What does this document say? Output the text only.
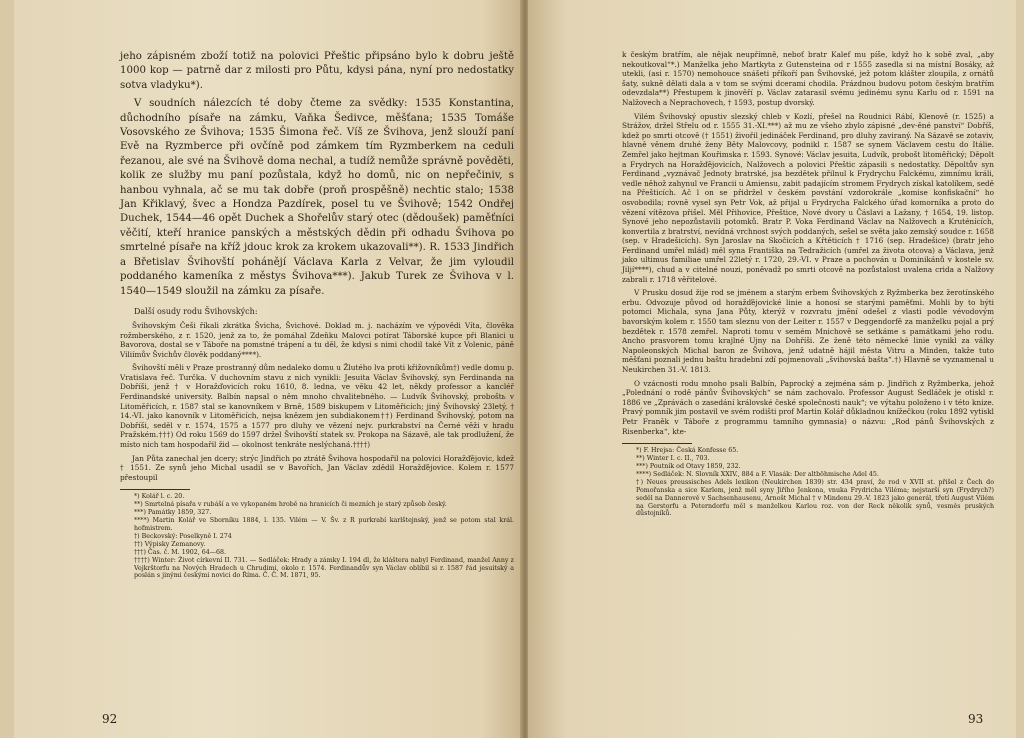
jeho zápisném zboží totiž na polovici Přeštic připsáno bylo k dobru ještě 1000 kop — patrně dar z milosti pro Půtu, kdysi pána, nyní pro nedostatky sotva vladyku*).

V soudních nálezcích té doby čteme za svědky: 1535 Konstantina, důchodního písaře na zámku, Vaňka Šedivce, měšťana; 1535 Tomáše Vosovského ze Švihova; 1535 Šimona řeč. Víš ze Švihova, jenž slouží paní Evě na Ryzmberce při ovčíně pod zámkem tím Ryzmberkem na ceduli řezanou, ale své na Švihově doma nechal, a tudíž nemůže správně pověděti, kolik ze služby mu paní pozůstala, když ho domů, nic on nepřečiniv, s hanbou vyhnala, ač se mu tak dobře (proň prospěšně) nechtic stalo; 1538 Jan Křiklavý, švec a Hondza Pazdírek, posel tu ve Švihově; 1542 Ondřej Duchek, 1544—46 opět Duchek a Shořelův starý otec (dědoušek) paměťníci věčití, kteří hranice panských a městských dědin při odhadu Švihova po smrtelné písaře na kříž jdouc krok za krokem ukazovali**). R. 1533 Jindřich a Břetislav Švihovští pohánějí Václava Karla z Velvar, že jim vyloudil poddaného kameníka z městys Švihova***). Jakub Turek ze Švihova v l. 1540—1549 sloužil na zámku za písaře.

Další osudy rodu Švihovských:

Švihovským Češi říkali zkrátka Švicha, Švichové. Doklad m. j. nacházím ve výpovědi Víta, člověka rožmberského, z r. 1520, jenž za to, že pomáhal Zdeňku Malovci potírat Táborské kupce při Blanici u Bavorova, dostal se v Táboře na pomstné trápení a tu děl, že kdysi s nimi chodil také Vít z Volenic, páně Viliímův Švichův člověk poddaný****).

Švihovští měli v Praze prostranný dům nedaleko domu u Žlutého lva proti křižovníkům†) vedle domu p. Vratislava řeč. Turčka. V duchovním stavu z nich vynikli: Jesuita Václav Švihovský, syn Ferdinanda na Dobříši, jenž † v Horažďovicích roku 1610, 8. ledna, ve věku 42 let, někdy professor a kancléř Ferdinandské university. Balbín napsal o něm mnoho chvalitebného. — Ludvík Švihovský, proboštь v Litoměřicích, r. 1587 stal se kanovníkem v Brně, 1589 biskupem v Litoměřicích; jiný Švihovský 23letý, † 14.-VI. jako kanovník v Litoměřicích, nejsa knězem jen subdiakonem††) Ferdinand Švihovský, potom na Dobříši, seděl v r. 1574, 1575 a 1577 pro dluhy ve vězení nejv. purkrabství na Černé věži v hradu Pražském.†††) Od roku 1569 do 1597 držel Švihovští statek sv. Prokopa na Sázavě, ale tak prodlužení, že místo nich tam hospodařil žid — okolnost tenkráte neslýchaná.††††)

Jan Půta zanechal jen dcery; strýc Jindřich po ztrátě Švihova hospodařil na polovici Horažďějovic, kdež † 1551. Ze synů jeho Michal usadil se v Bavořích, Jan Václav zdědil Horažďějovice. Kolem r. 1577 přestoupil

*) Kolář l. c. 20.

**) Smrtelná písařa v rubáší a ve vykopaném hrobě na hranicích či mezních je starý způsob český.

***) Památky 1859, 327.

****) Martin Kolář ve Sborníku 1884, l. 135. Vilém — V. Šv. z R purkrabí karlštejnský, jenž se potom stal král. hofmistrem.

†) Beckovský: Poselkyně I. 274

††) Výpisky Zemanovy.

†††) Čas. č. M. 1902, 64—68.

††††) Winter: Život církevní II. 731. — Sedláček: Hrady a zámky I. 194 dl, že klášterа nabyl Ferdinand, manžel Anny z Vejkrštorfu na Nových Hradech u Chrudimi, okolo r. 1574. Ferdinandův syn Václav oblíbil si r. 1587 řád jesuitský a poslán s jinými českými novici do Říma. Č. Č. M. 1871, 95.

92

k českým bratřím, ale nějak neupřímně, neboť bratr Kalef mu píše, když ho k sobě zval, „aby nekoutkoval“*.) Manželka jeho Martkyta z Gutensteina od r 1555 zasedla si na místní Bosáky, až utekli, (asi r. 1570) nemohouce snášeti příkoří pan Švihovské, jež potom klášter zloupila, z ornátů šaty, sukně dělati dala a v tom se svými dcerami chodila. Prázdnou budovu potom českým bratřím odevzdala**) Přestupem k jinověří p. Václav zatarasil svému jedinému synu Karlu od r. 1591 na Nalžovech a Neprachovech, † 1593, postup dvorský.

Vilém Švihovský opustiv slezský chleb v Kozlí, přešel na Roudnici Rábí, Klenově (r. 1525) a Strážov, držel Střelu od r. 1555 31.-XI.***) až mu ze všeho zbylo zápisné „dev-ěné panství“ Dobříš, kdež po smrti otcově († 1551) živořil jedináček Ferdinand, pro dluhy zaviraný. Na Sázavě se zotaviv, hlavně věnem druhé ženy Běty Malovcovy, podnikl r. 1587 se synem Václavem cestu do Itálie. Zemřel jako hejtman Kouřimska r. 1593. Synové: Václav jesuita, Ludvík, probošt litoměřický; Děpolt a Frydrych na Horažďějovicích, Nalžovech a polovici Přeštic zápasili s nedostatky. Děpoltův syn Ferdinand „vyznávač Jednoty bratrské, jsa bezdětek přilnul k Frydrychu Falckému, zimnímu králi, vedle něhož zahynul ve Francii u Amiensu, zabit padajícím stromem Frydrych získal katolíkem, sedě na Přešticích. Ač l on se přidržel v českém povstání vzdorokrále „komise konfiskační“ ho osvobodila; rovně vysel syn Petr Vok, až přijal u Frydrycha Falckého úřad komorníka a proto do vězení vítězova přišel. Měl Přihovice, Přeštice, Nové dvory u Čáslavi a Lažany, † 1654, 19. listop. Synové jeho nepozůstavili potomků. Bratr P. Voka Ferdinand Václav na Nalžovech a Kruténících, konvertila z bratrství, nevídná vrchnost svých poddaných, sešel se světa jako zemský soudce r. 1658 (sep. v Hradešicích). Syn Jaroslav na Skočicích a Křtěticích † 1716 (sep. Hradešice) (bratr jeho Ferdinand umřel mlád) měl syna Františka na Tedražicích (umřel za života otcova) a Václava, jenž jako ultimus familiae umřel 22letý r. 1720, 29.-VI. v Praze a pochován u Dominikánů v kostele sv. Jiljí****), chud a v citelné nouzi, poněvadž po smrti otcově na pozůstalost uvalena crida a Nalžovy zabrali r. 1718 věřitelové.

V Prusku dosud žije rod se jménem a starým erbem Švihovských z Ryžmberka bez žerotínského erbu. Odvozuje původ od horažďějovické linie a honosí se starými paměťmi. Mohli by to býti potomci Michala, syna Jana Půty, kterýž v rozvratu jmění odešel z vlasti podle vévodovým bavorským kolem r. 1550 tam sleznu von der Leiter r. 1557 v Deggendorfě za manželku pojal a prý bezdětek r. 1578 zemřel. Naproti tomu v semém Mnichově se setkáme s památkami jeho rodu. Ancho prasvorem tomu krajlné Ujny na Dohříši. Ze ženě této německé linie vynikl za války Napoleonských Michal baron ze Švihova, jenž udatně hájil města Vitru a Minden, takže tuto měšťani poznali jednu baštu hradební zdí pojmenovali „švihovská bašta“.†) Hlavně se vyznamenal u Neukirchen 31.-V. 1813.

O vzácnosti rodu mnoho psali Balbín, Paprocký a zejména sám p. Jindřich z Ryžmberka, jehož „Polednání o rodě pánův Švihovských“ se nám zachovalo. Professor August Sedláček je otiskl r. 1886 ve „Zprávách o zasedání královské české společnosti nauk“; ve výtahu položeno i v této knize. Pravý pomník jim postavil ve svém rodišti prof Martin Kolář důkladnou knížečkou (roku 1892 vytiskl Petr Franěk v Táboře z programmu tamního gymnasia) o názvu: „Rod pánů Švihovských z Risenberka“, kte-

*) F. Hrejsa: Česká Konfesse 65.

**) Winter I. c. II., 703.

***) Poutník od Otavy 1859, 232.

****) Sedláček: N. Slovník XXIV., 884 a F. Vlasák: Der altböhmische Adel 45.

†) Neues preussisches Adels lexikon (Neukirchen 1839) str. 434 praví, že rod v XVII st. přišel z Čech do Pomořanska a sice Karlem, jenž měl syny Jiřího Jenkona, vnuka Frydricha Viléma; nejstarší syn (Frydrych?) seděl na Dannerově v Sachsenhausenu, Arnošt Michal † v Mindenu 29.-V. 1823 jako generál, třetí August Vilém na Gerstorfu a Peterndorfu měl s manželkou Karlou roz. von der Reck několik synů, vesměs pruských důstojníků.

93
